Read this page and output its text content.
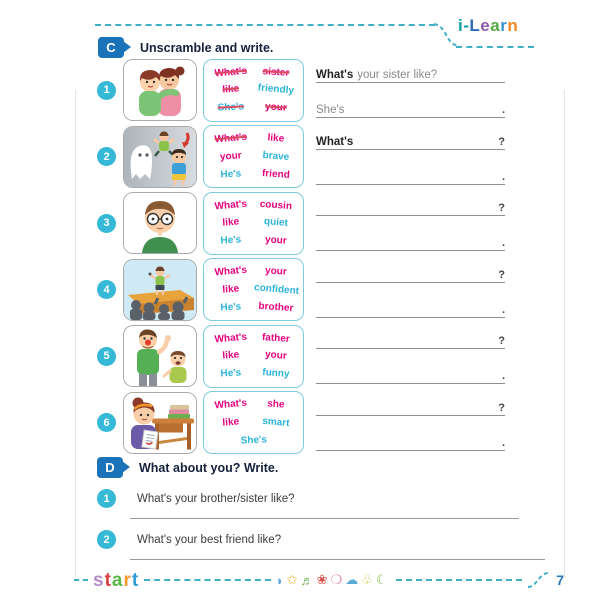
i-Learn
C	Unscramble and write.
1
What's	sister
like	friendly
She's	your
What's your sister like?
She's	.
2
What's	like
your	brave
He's	friend
What's	?
.
3
What's	cousin
like	quiet
He's	your
?
.
4
What's	your
like	confident
He's	brother
?
.
5
What's	father
like	your
He's	funny
?
.
6
What's	she
like	smart
She's
?
.
D	What about you? Write.
1	What's your brother/sister like?
2	What's your best friend like?
start	◗ ✩ ♬ ❀ ❍ ☁ ♧ ☾	7
